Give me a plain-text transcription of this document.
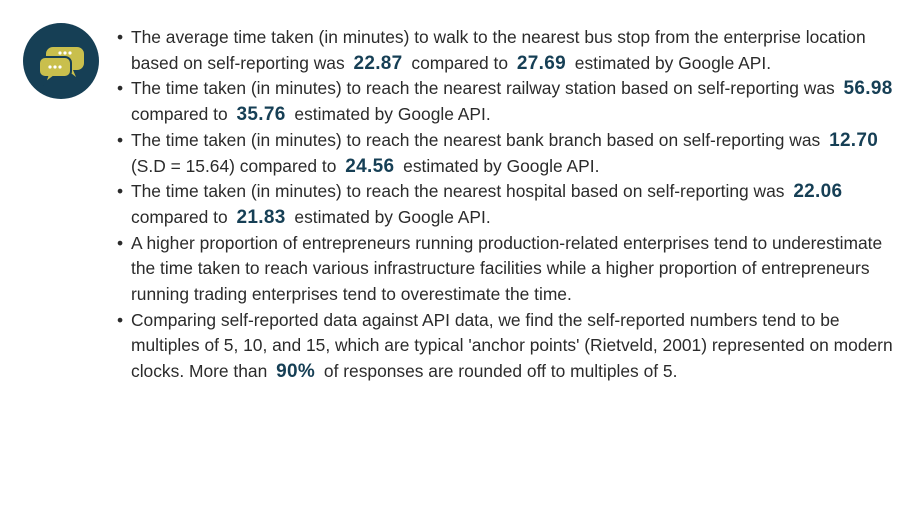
• The average time taken (in minutes) to walk to the nearest bus stop from the enterprise location based on self-reporting was 22.87 compared to 27.69 estimated by Google API.
• The time taken (in minutes) to reach the nearest railway station based on self-reporting was 56.98 compared to 35.76 estimated by Google API.
• The time taken (in minutes) to reach the nearest bank branch based on self-reporting was 12.70 (S.D = 15.64) compared to 24.56 estimated by Google API.
• The time taken (in minutes) to reach the nearest hospital based on self-reporting was 22.06 compared to 21.83 estimated by Google API.
• A higher proportion of entrepreneurs running production-related enterprises tend to underestimate the time taken to reach various infrastructure facilities while a higher proportion of entrepreneurs running trading enterprises tend to overestimate the time.
• Comparing self-reported data against API data, we find the self-reported numbers tend to be multiples of 5, 10, and 15, which are typical 'anchor points' (Rietveld, 2001) represented on modern clocks. More than 90% of responses are rounded off to multiples of 5.
